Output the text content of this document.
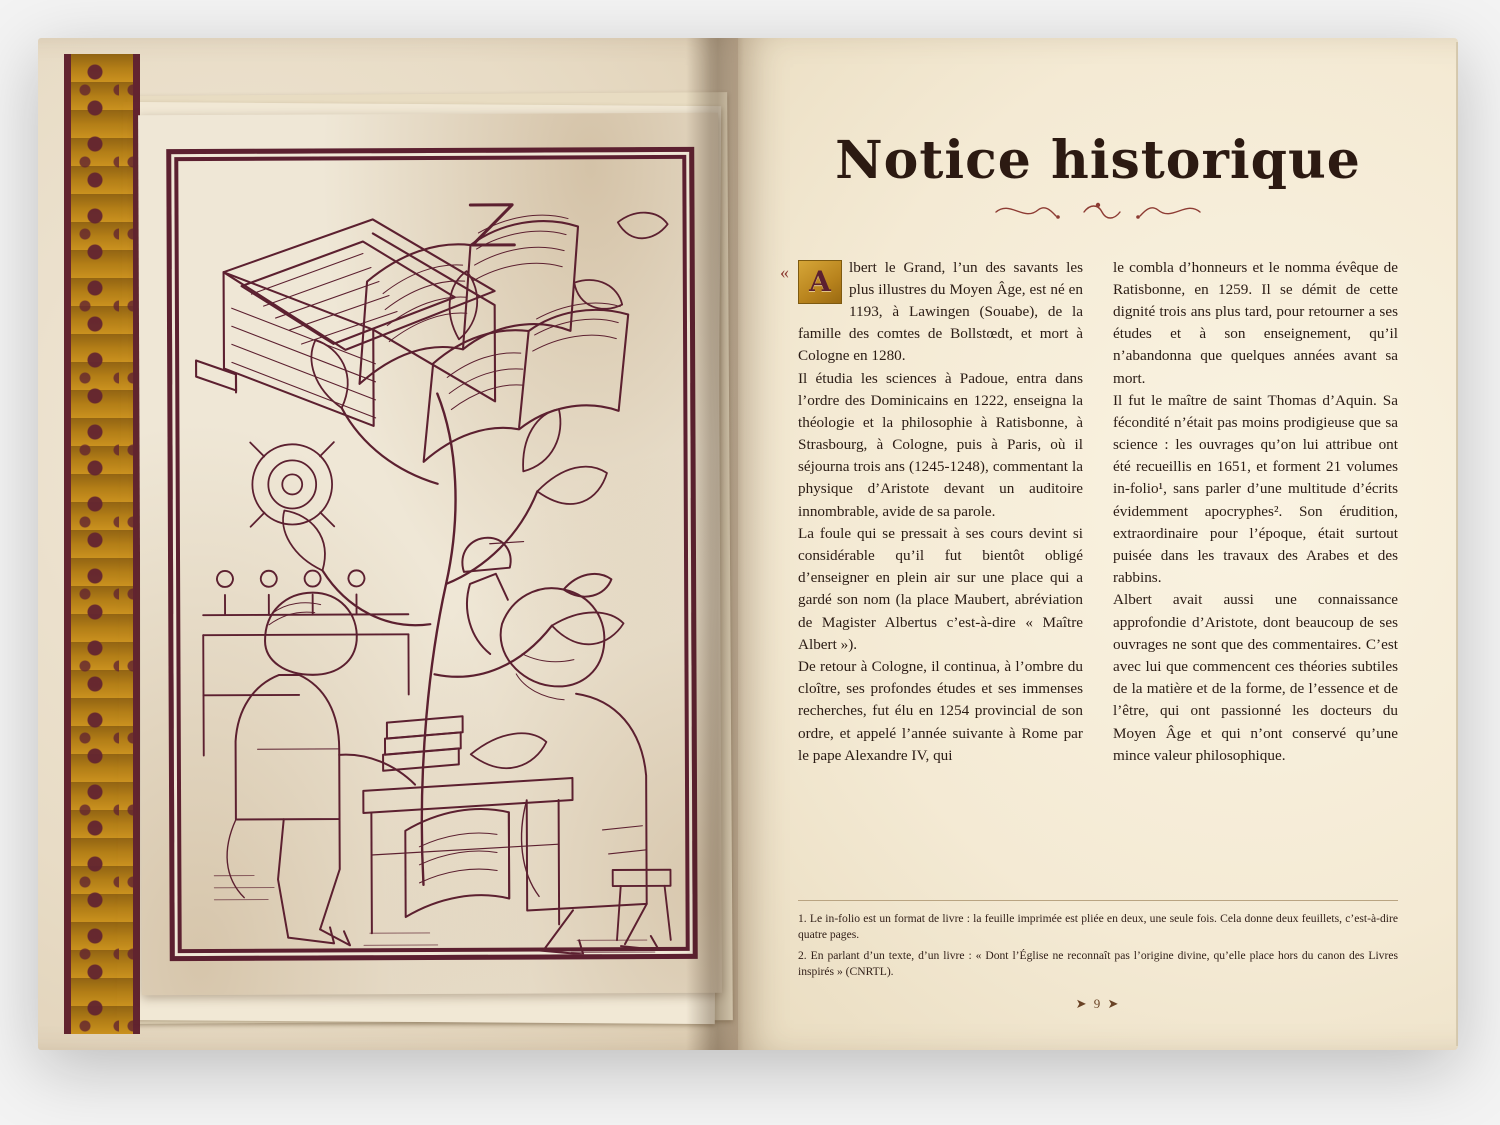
Notice historique
« A	lbert le Grand, l’un des savants les plus illustres du Moyen Âge, est né en 1193, à Lawingen (Souabe), de la famille des comtes de Bollstœdt, et mort à Cologne en 1280.

Il étudia les sciences à Padoue, entra dans l’ordre des Dominicains en 1222, enseigna la théologie et la philosophie à Ratisbonne, à Strasbourg, à Cologne, puis à Paris, où il séjourna trois ans (1245-1248), commentant la physique d’Aristote devant un auditoire innombrable, avide de sa parole.

La foule qui se pressait à ses cours devint si considérable qu’il fut bientôt obligé d’enseigner en plein air sur une place qui a gardé son nom (la place Maubert, abréviation de Magister Albertus c’est-à-dire « Maître Albert »).

De retour à Cologne, il continua, à l’ombre du cloître, ses profondes études et ses immenses recherches, fut élu en 1254 provincial de son ordre, et appelé l’année suivante à Rome par le pape Alexandre IV, qui

le combla d’honneurs et le nomma évêque de Ratisbonne, en 1259. Il se démit de cette dignité trois ans plus tard, pour retourner a ses études et à son enseignement, qu’il n’abandonna que quelques années avant sa mort.

Il fut le maître de saint Thomas d’Aquin. Sa fécondité n’était pas moins prodigieuse que sa science : les ouvrages qu’on lui attribue ont été recueillis en 1651, et forment 21 volumes in-folio¹, sans parler d’une multitude d’écrits évidemment apocryphes². Son érudition, extraordinaire pour l’époque, était surtout puisée dans les travaux des Arabes et des rabbins.

Albert avait aussi une connaissance approfondie d’Aristote, dont beaucoup de ses ouvrages ne sont que des commentaires. C’est avec lui que commencent ces théories subtiles de la matière et de la forme, de l’essence et de l’être, qui ont passionné les docteurs du Moyen Âge et qui n’ont conservé qu’une mince valeur philosophique.

1. Le in-folio est un format de livre : la feuille imprimée est pliée en deux, une seule fois. Cela donne deux feuillets, c’est-à-dire quatre pages.

2. En parlant d’un texte, d’un livre : « Dont l’Église ne reconnaît pas l’origine divine, qu’elle place hors du canon des Livres inspirés » (CNRTL).

➤ 9 ➤
